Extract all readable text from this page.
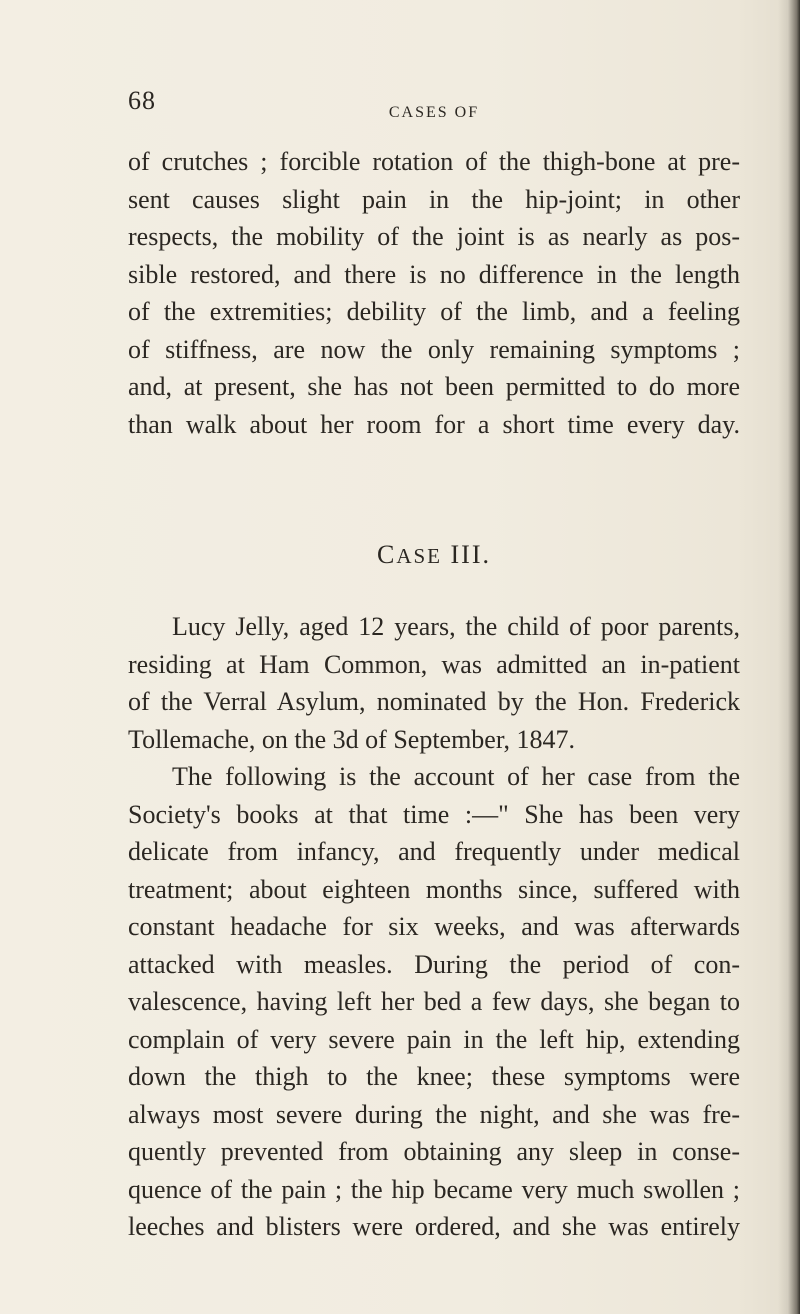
68	CASES OF
of crutches ; forcible rotation of the thigh-bone at pre-
sent causes slight pain in the hip-joint; in other
respects, the mobility of the joint is as nearly as pos-
sible restored, and there is no difference in the length
of the extremities; debility of the limb, and a feeling
of stiffness, are now the only remaining symptoms ;
and, at present, she has not been permitted to do more
than walk about her room for a short time every day.
CASE III.
Lucy Jelly, aged 12 years, the child of poor parents,
residing at Ham Common, was admitted an in-patient
of the Verral Asylum, nominated by the Hon. Frederick
Tollemache, on the 3d of September, 1847.
The following is the account of her case from the
Society's books at that time :—" She has been very
delicate from infancy, and frequently under medical
treatment; about eighteen months since, suffered with
constant headache for six weeks, and was afterwards
attacked with measles. During the period of con-
valescence, having left her bed a few days, she began to
complain of very severe pain in the left hip, extending
down the thigh to the knee; these symptoms were
always most severe during the night, and she was fre-
quently prevented from obtaining any sleep in conse-
quence of the pain ; the hip became very much swollen ;
leeches and blisters were ordered, and she was entirely
